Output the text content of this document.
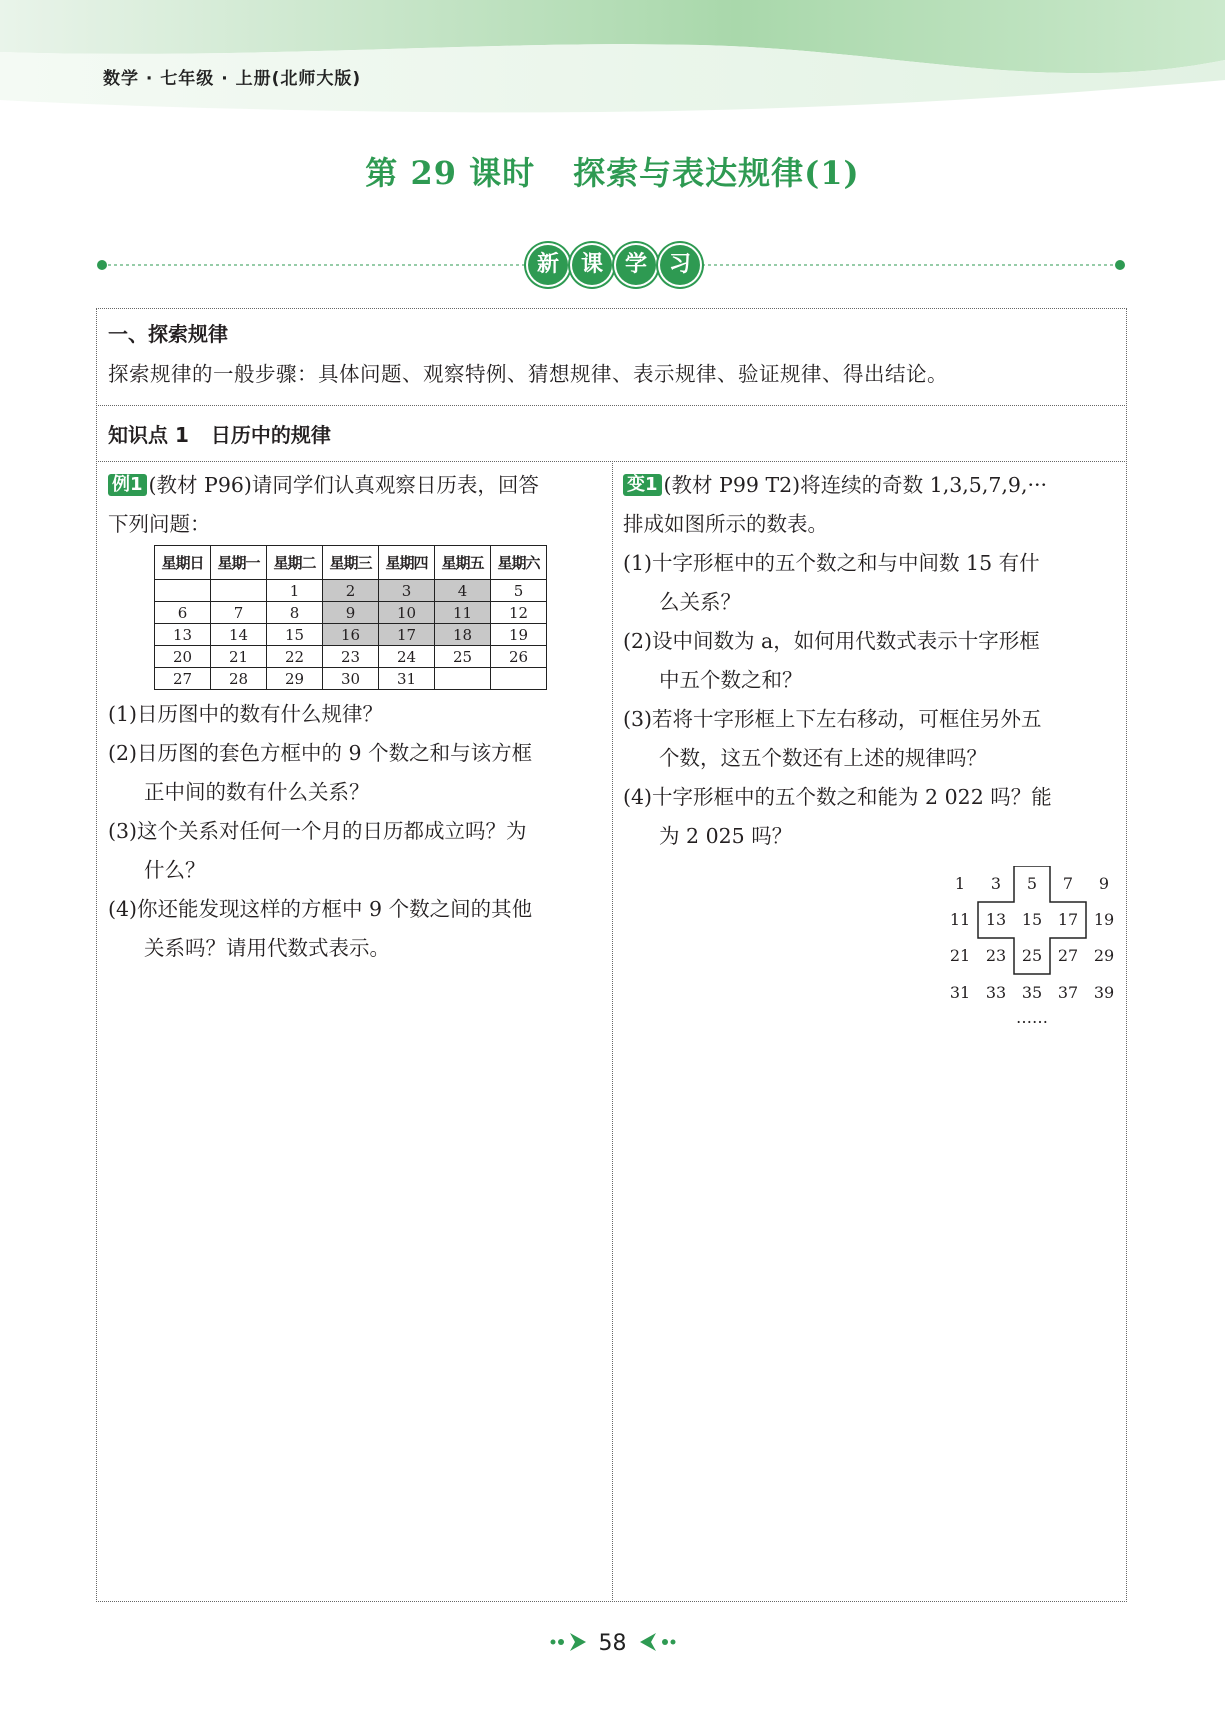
数学 · 七年级 · 上册(北师大版)
第 29 课时 探索与表达规律(1)
新 课 学 习
一、探索规律
探索规律的一般步骤：具体问题、观察特例、猜想规律、表示规律、验证规律、得出结论。
知识点 1 日历中的规律

例1 (教材 P96)请同学们认真观察日历表，回答

下列问题：

星期日	星期一	星期二	星期三	星期四	星期五	星期六
		1	2	3	4	5
6	7	8	9	10	11	12
13	14	15	16	17	18	19
20	21	22	23	24	25	26
27	28	29	30	31		

(1)日历图中的数有什么规律？

(2)日历图的套色方框中的 9 个数之和与该方框

正中间的数有什么关系？

(3)这个关系对任何一个月的日历都成立吗？为

什么？

(4)你还能发现这样的方框中 9 个数之间的其他

关系吗？请用代数式表示。

变1 (教材 P99 T2)将连续的奇数 1,3,5,7,9,···

排成如图所示的数表。

(1)十字形框中的五个数之和与中间数 15 有什

么关系？

(2)设中间数为 a，如何用代数式表示十字形框

中五个数之和？

(3)若将十字形框上下左右移动，可框住另外五

个数，这五个数还有上述的规律吗？

(4)十字形框中的五个数之和能为 2 022 吗？能

为 2 025 吗？

1	3	5	7	9
11 13 15 17 19
21 23 25 27 29
31 33 35 37 39
……
58
